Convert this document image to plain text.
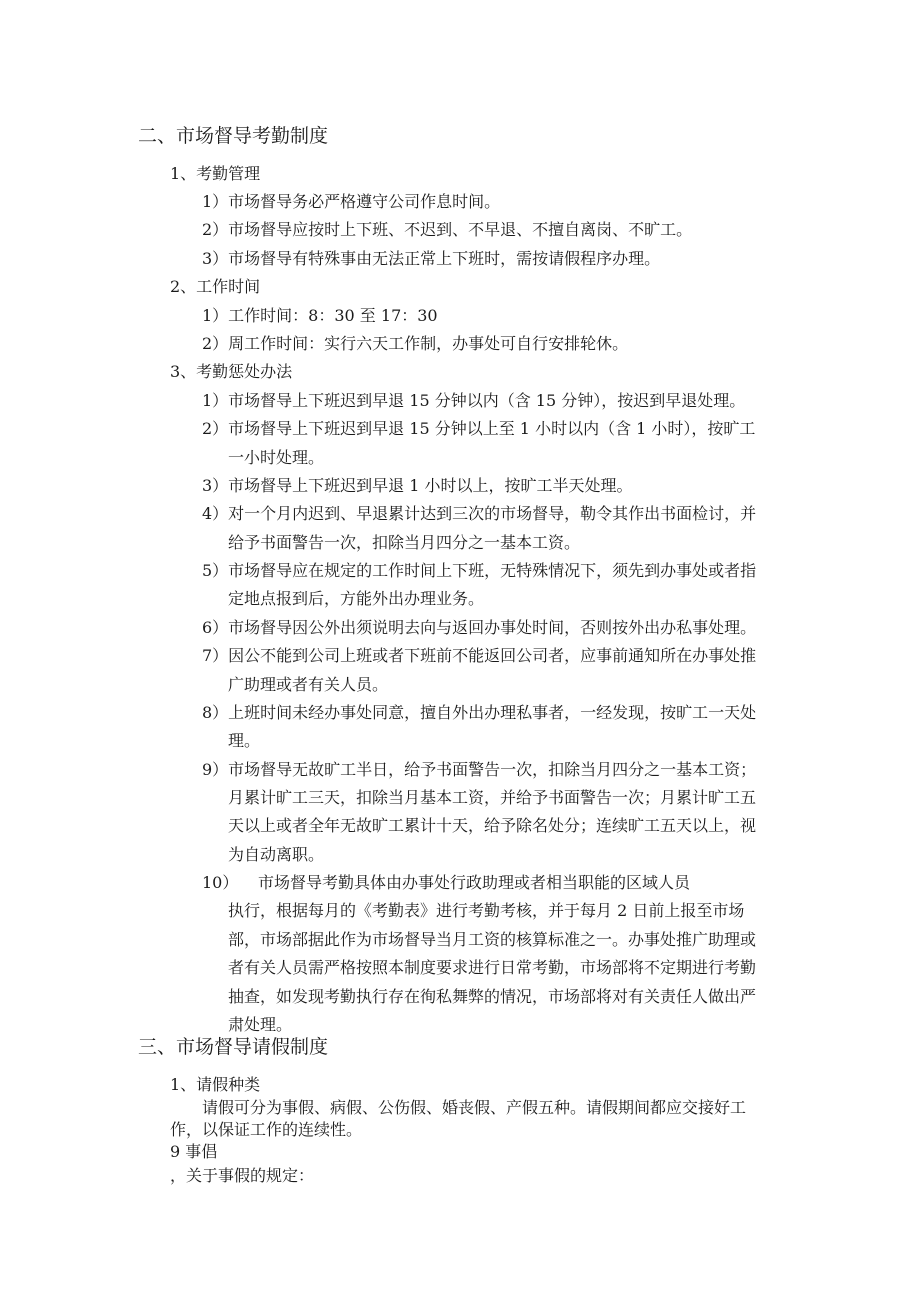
二、市场督导考勤制度
1、考勤管理
1）市场督导务必严格遵守公司作息时间。
2）市场督导应按时上下班、不迟到、不早退、不擅自离岗、不旷工。
3）市场督导有特殊事由无法正常上下班时，需按请假程序办理。
2、工作时间
1）工作时间：8：30 至 17：30
2）周工作时间：实行六天工作制，办事处可自行安排轮休。
3、考勤惩处办法
1）市场督导上下班迟到早退 15 分钟以内（含 15 分钟），按迟到早退处理。
2）市场督导上下班迟到早退 15 分钟以上至 1 小时以内（含 1 小时），按旷工
一小时处理。
3）市场督导上下班迟到早退 1 小时以上，按旷工半天处理。
4）对一个月内迟到、早退累计达到三次的市场督导，勒令其作出书面检讨，并
给予书面警告一次，扣除当月四分之一基本工资。
5）市场督导应在规定的工作时间上下班，无特殊情况下，须先到办事处或者指
定地点报到后，方能外出办理业务。
6）市场督导因公外出须说明去向与返回办事处时间，否则按外出办私事处理。
7）因公不能到公司上班或者下班前不能返回公司者，应事前通知所在办事处推
广助理或者有关人员。
8）上班时间未经办事处同意，擅自外出办理私事者，一经发现，按旷工一天处
理。
9）市场督导无故旷工半日，给予书面警告一次，扣除当月四分之一基本工资；
月累计旷工三天，扣除当月基本工资，并给予书面警告一次；月累计旷工五
天以上或者全年无故旷工累计十天，给予除名处分；连续旷工五天以上，视
为自动离职。
10） 市场督导考勤具体由办事处行政助理或者相当职能的区域人员
执行，根据每月的《考勤表》进行考勤考核，并于每月 2 日前上报至市场
部，市场部据此作为市场督导当月工资的核算标准之一。办事处推广助理或
者有关人员需严格按照本制度要求进行日常考勤，市场部将不定期进行考勤
抽查，如发现考勤执行存在徇私舞弊的情况，市场部将对有关责任人做出严
肃处理。
三、市场督导请假制度
1、请假种类
请假可分为事假、病假、公伤假、婚丧假、产假五种。请假期间都应交接好工
作，以保证工作的连续性。
9 事倡
，关于事假的规定：
